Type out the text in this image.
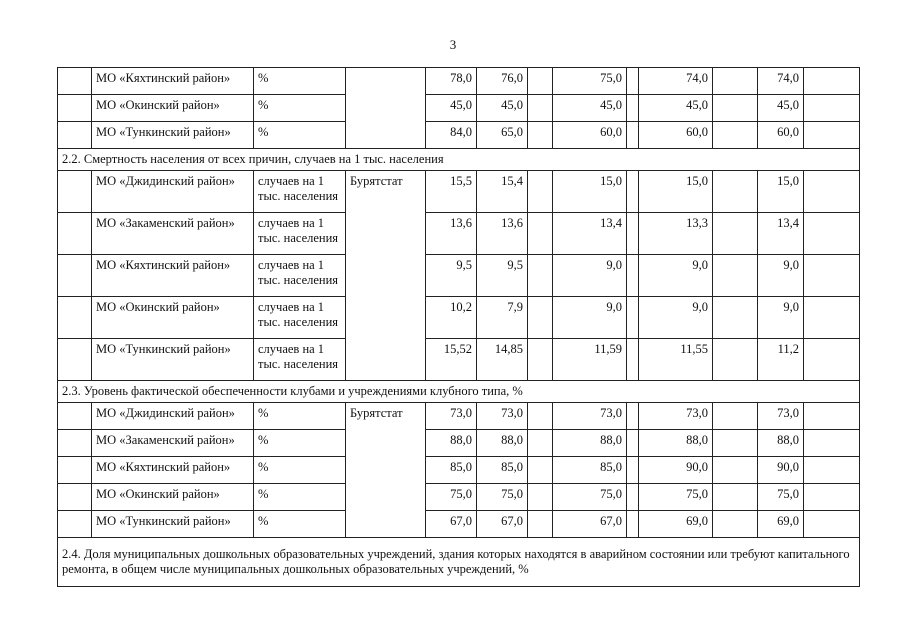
3
	МО «Кяхтинский район»	%		78,0	76,0		75,0		74,0		74,0	
	МО «Окинский район»	%		45,0	45,0		45,0		45,0		45,0	
	МО «Тункинский район»	%		84,0	65,0		60,0		60,0		60,0	
2.2. Смертность населения от всех причин, случаев на 1 тыс. населения												
	МО «Джидинский район»	случаев на 1 тыс. населения	Бурятстат	15,5	15,4		15,0		15,0		15,0	
	МО «Закаменский район»	случаев на 1 тыс. населения		13,6	13,6		13,4		13,3		13,4	
	МО «Кяхтинский район»	случаев на 1 тыс. населения		9,5	9,5		9,0		9,0		9,0	
	МО «Окинский район»	случаев на 1 тыс. населения		10,2	7,9		9,0		9,0		9,0	
	МО «Тункинский район»	случаев на 1 тыс. населения		15,52	14,85		11,59		11,55		11,2	
2.3. Уровень фактической обеспеченности клубами и учреждениями клубного типа, %												
	МО «Джидинский район»	%	Бурятстат	73,0	73,0		73,0		73,0		73,0	
	МО «Закаменский район»	%		88,0	88,0		88,0		88,0		88,0	
	МО «Кяхтинский район»	%		85,0	85,0		85,0		90,0		90,0	
	МО «Окинский район»	%		75,0	75,0		75,0		75,0		75,0	
	МО «Тункинский район»	%		67,0	67,0		67,0		69,0		69,0	
2.4. Доля муниципальных дошкольных образовательных учреждений, здания которых находятся в аварийном состоянии или требуют капитального ремонта, в общем числе муниципальных дошкольных образовательных учреждений, %												
